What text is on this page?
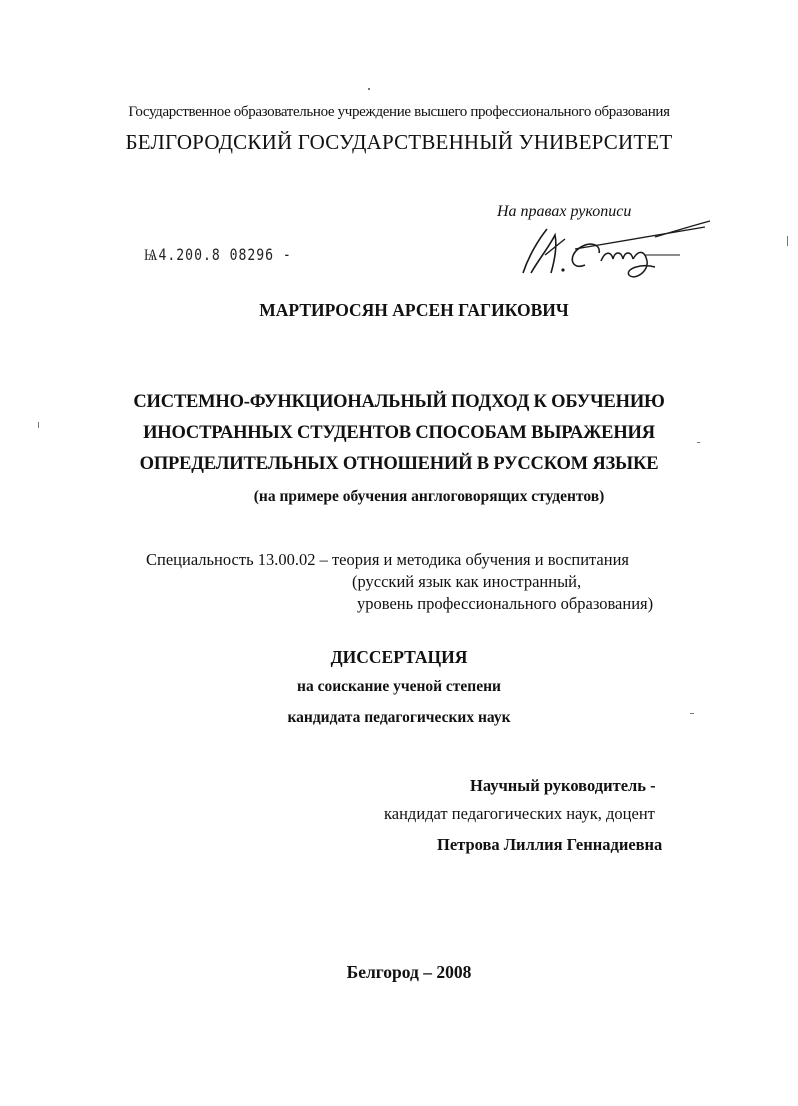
Государственное образовательное учреждение высшего профессионального образования
БЕЛГОРОДСКИЙ ГОСУДАРСТВЕННЫЙ УНИВЕРСИТЕТ
На правах рукописи
Ѩ4.200.8 08296 -
МАРТИРОСЯН АРСЕН ГАГИКОВИЧ
СИСТЕМНО-ФУНКЦИОНАЛЬНЫЙ ПОДХОД К ОБУЧЕНИЮ
ИНОСТРАННЫХ СТУДЕНТОВ СПОСОБАМ ВЫРАЖЕНИЯ
ОПРЕДЕЛИТЕЛЬНЫХ ОТНОШЕНИЙ В РУССКОМ ЯЗЫКЕ
(на примере обучения англоговорящих студентов)
Специальность 13.00.02 – теория и методика обучения и воспитания
(русский язык как иностранный,
уровень профессионального образования)
ДИССЕРТАЦИЯ
на соискание ученой степени
кандидата педагогических наук
Научный руководитель -
кандидат педагогических наук, доцент
Петрова Лиллия Геннадиевна
Белгород – 2008
